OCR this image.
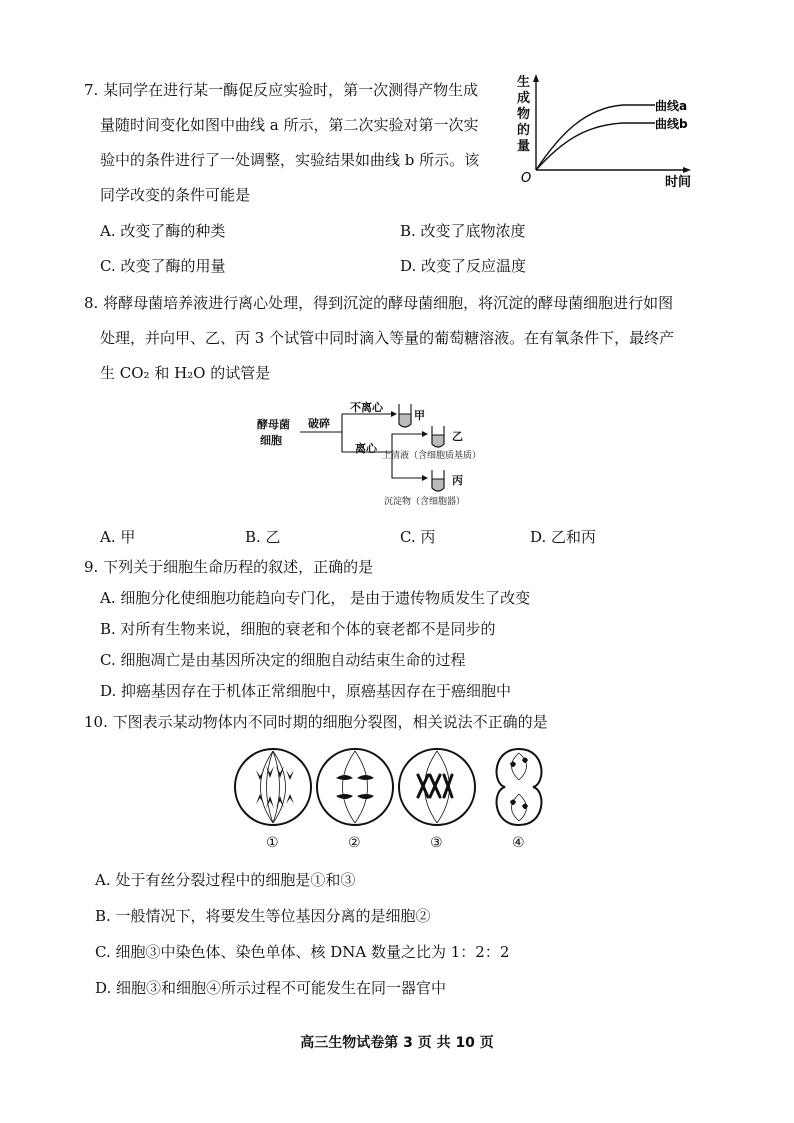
7. 某同学在进行某一酶促反应实验时，第一次测得产物生成
量随时间变化如图中曲线 a 所示，第二次实验对第一次实
验中的条件进行了一处调整，实验结果如曲线 b 所示。该
同学改变的条件可能是
生
成
物
的
量
O	时间
曲线a
曲线b
A. 改变了酶的种类	B. 改变了底物浓度
C. 改变了酶的用量	D. 改变了反应温度
8. 将酵母菌培养液进行离心处理，得到沉淀的酵母菌细胞，将沉淀的酵母菌细胞进行如图
处理，并向甲、乙、丙 3 个试管中同时滴入等量的葡萄糖溶液。在有氧条件下，最终产
生 CO₂ 和 H₂O 的试管是
酵母菌
细胞
破碎
不离心
离心
甲
乙
丙
上清液（含细胞质基质）
沉淀物（含细胞器）
A. 甲	B. 乙	C. 丙	D. 乙和丙
9. 下列关于细胞生命历程的叙述，正确的是
A. 细胞分化使细胞功能趋向专门化， 是由于遗传物质发生了改变
B. 对所有生物来说，细胞的衰老和个体的衰老都不是同步的
C. 细胞凋亡是由基因所决定的细胞自动结束生命的过程
D. 抑癌基因存在于机体正常细胞中，原癌基因存在于癌细胞中
10. 下图表示某动物体内不同时期的细胞分裂图，相关说法不正确的是
①	②	③	④
A. 处于有丝分裂过程中的细胞是①和③
B. 一般情况下，将要发生等位基因分离的是细胞②
C. 细胞③中染色体、染色单体、核 DNA 数量之比为 1：2：2
D. 细胞③和细胞④所示过程不可能发生在同一器官中
高三生物试卷第 3 页 共 10 页
